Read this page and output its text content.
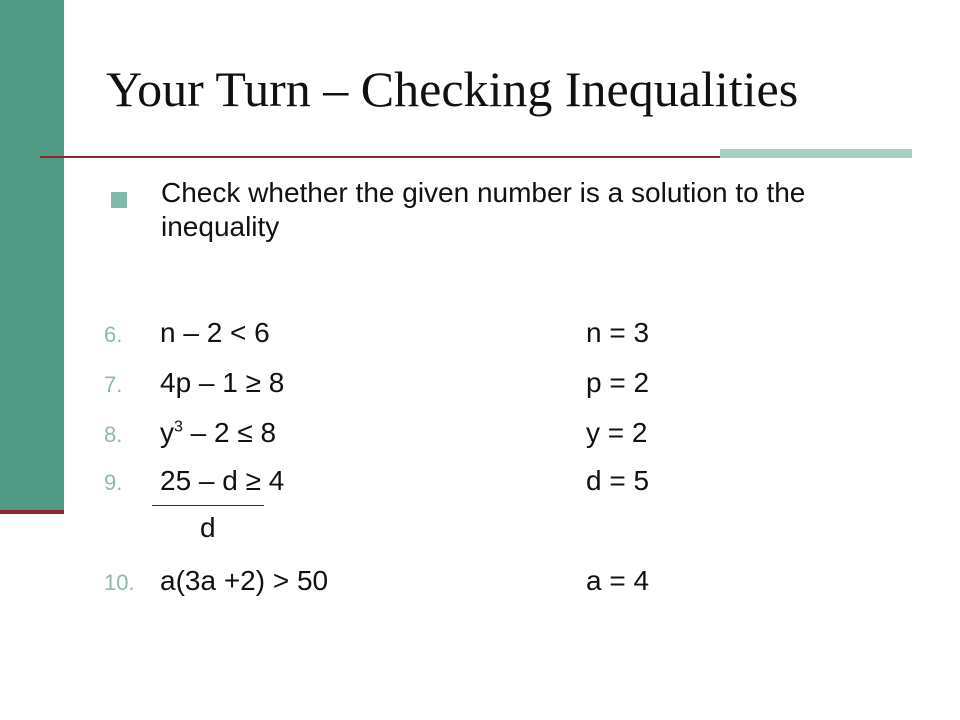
Your Turn – Checking Inequalities
Check whether the given number is a solution to the inequality
6. n – 2 < 6	n = 3
7. 4p – 1 ≥ 8	p = 2
8. $y^3 - 2 \le 8$	y = 2
9. 25 – d ≥ 4	d = 5
d
10. a(3a +2) > 50	a = 4
